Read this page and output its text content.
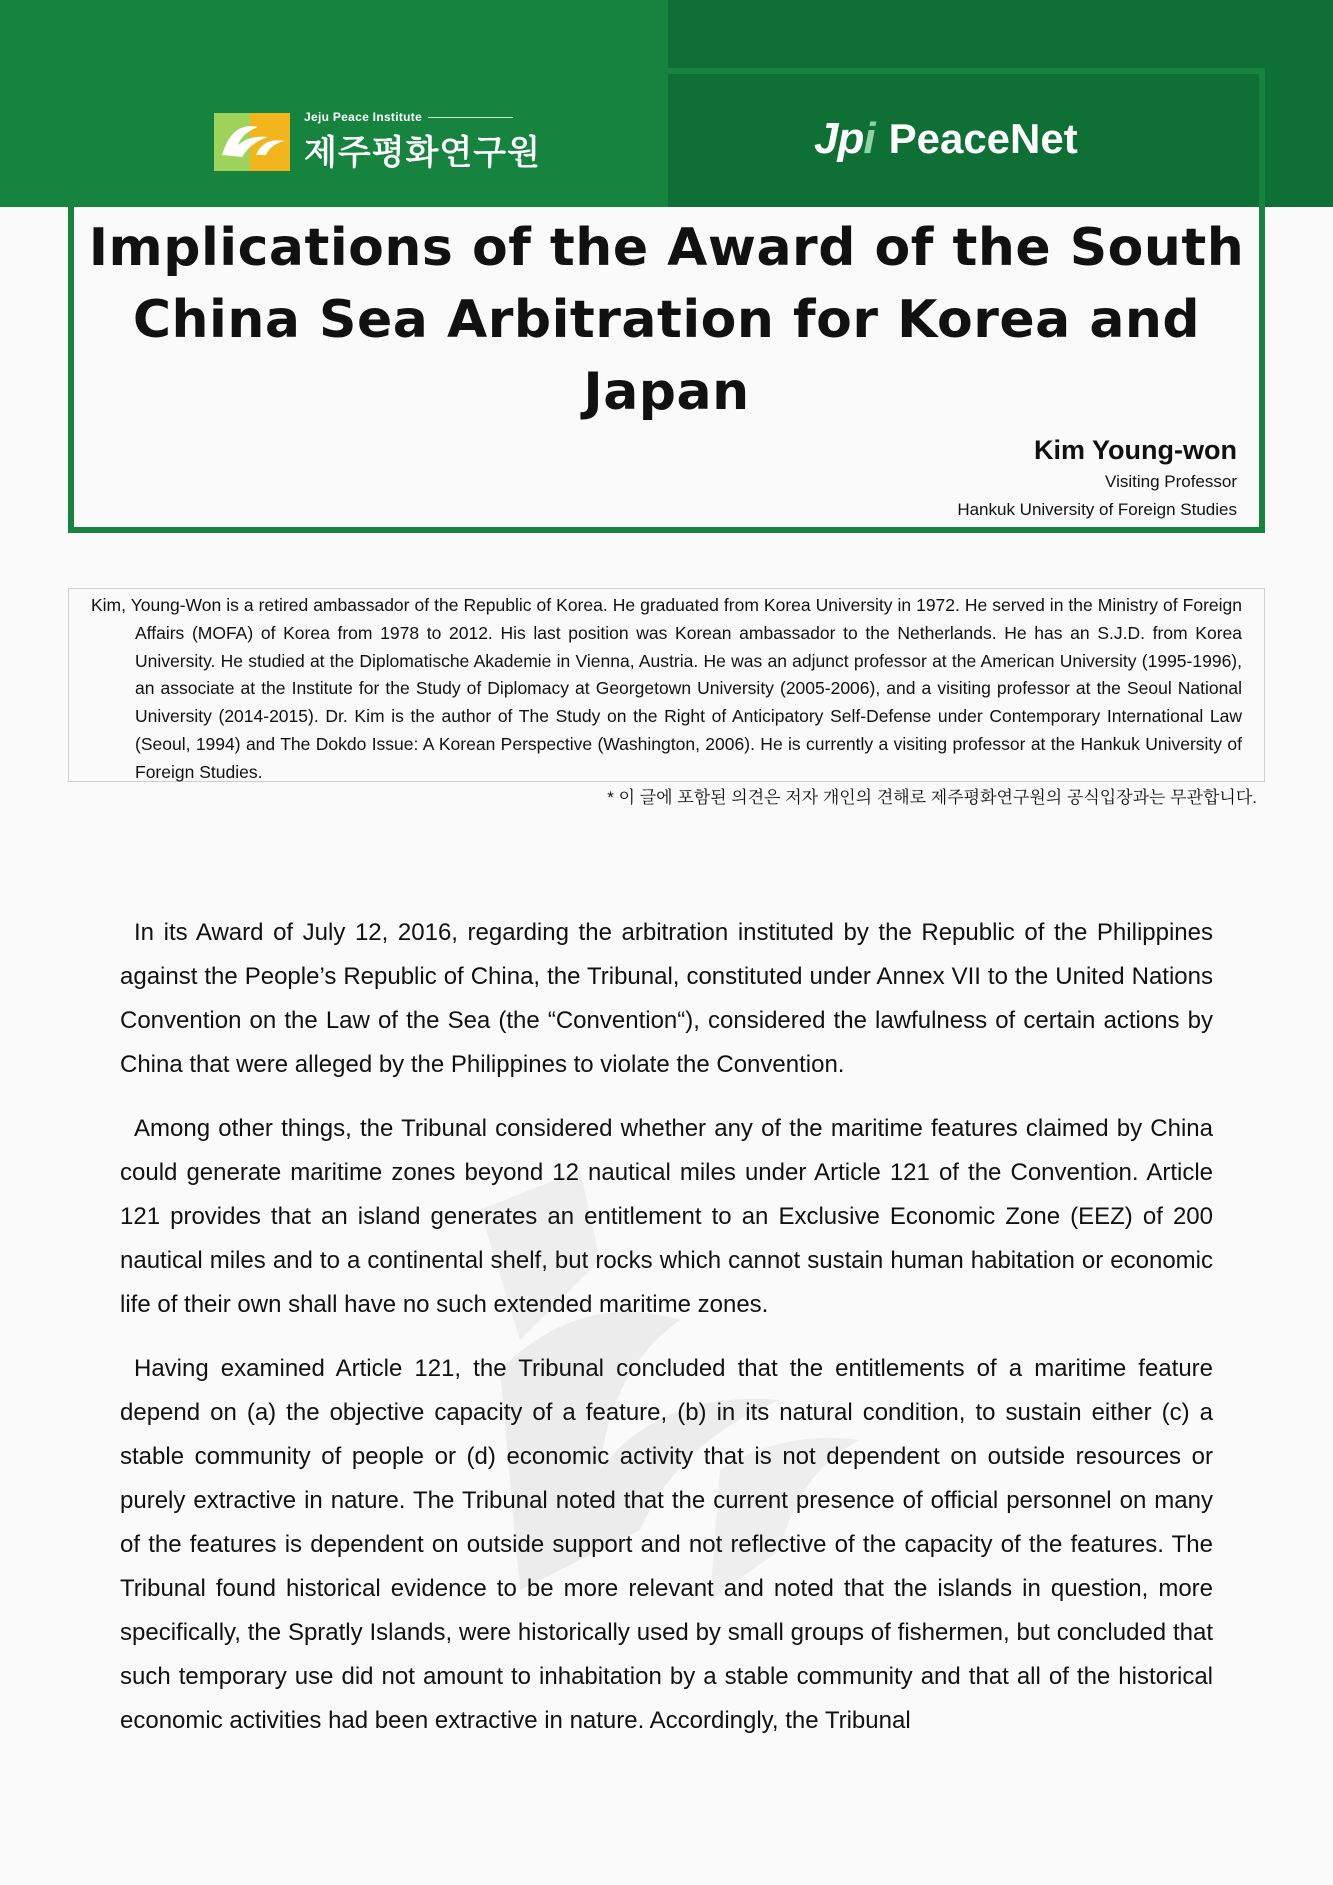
Jeju Peace Institute
제주평화연구원	Jpi PeaceNet
Implications of the Award of the South
China Sea Arbitration for Korea and Japan
Kim Young-won
Visiting Professor
Hankuk University of Foreign Studies

Kim, Young-Won is a retired ambassador of the Republic of Korea. He graduated from Korea University in 1972. He served in the Ministry of Foreign Affairs (MOFA) of Korea from 1978 to 2012. His last position was Korean ambassador to the Netherlands. He has an S.J.D. from Korea University. He studied at the Diplomatische Akademie in Vienna, Austria. He was an adjunct professor at the American University (1995-1996), an associate at the Institute for the Study of Diplomacy at Georgetown University (2005-2006), and a visiting professor at the Seoul National University (2014-2015). Dr. Kim is the author of The Study on the Right of Anticipatory Self-Defense under Contemporary International Law (Seoul, 1994) and The Dokdo Issue: A Korean Perspective (Washington, 2006). He is currently a visiting professor at the Hankuk University of Foreign Studies.

* 이 글에 포함된 의견은 저자 개인의 견해로 제주평화연구원의 공식입장과는 무관합니다.

In its Award of July 12, 2016, regarding the arbitration instituted by the Republic of the Philippines against the People’s Republic of China, the Tribunal, constituted under Annex VII to the United Nations Convention on the Law of the Sea (the “Convention“), considered the lawfulness of certain actions by China that were alleged by the Philippines to violate the Convention.

Among other things, the Tribunal considered whether any of the maritime features claimed by China could generate maritime zones beyond 12 nautical miles under Article 121 of the Convention. Article 121 provides that an island generates an entitlement to an Exclusive Economic Zone (EEZ) of 200 nautical miles and to a continental shelf, but rocks which cannot sustain human habitation or economic life of their own shall have no such extended maritime zones.

Having examined Article 121, the Tribunal concluded that the entitlements of a maritime feature depend on (a) the objective capacity of a feature, (b) in its natural condition, to sustain either (c) a stable community of people or (d) economic activity that is not dependent on outside resources or purely extractive in nature. The Tribunal noted that the current presence of official personnel on many of the features is dependent on outside support and not reflective of the capacity of the features. The Tribunal found historical evidence to be more relevant and noted that the islands in question, more specifically, the Spratly Islands, were historically used by small groups of fishermen, but concluded that such temporary use did not amount to inhabitation by a stable community and that all of the historical economic activities had been extractive in nature. Accordingly, the Tribunal
